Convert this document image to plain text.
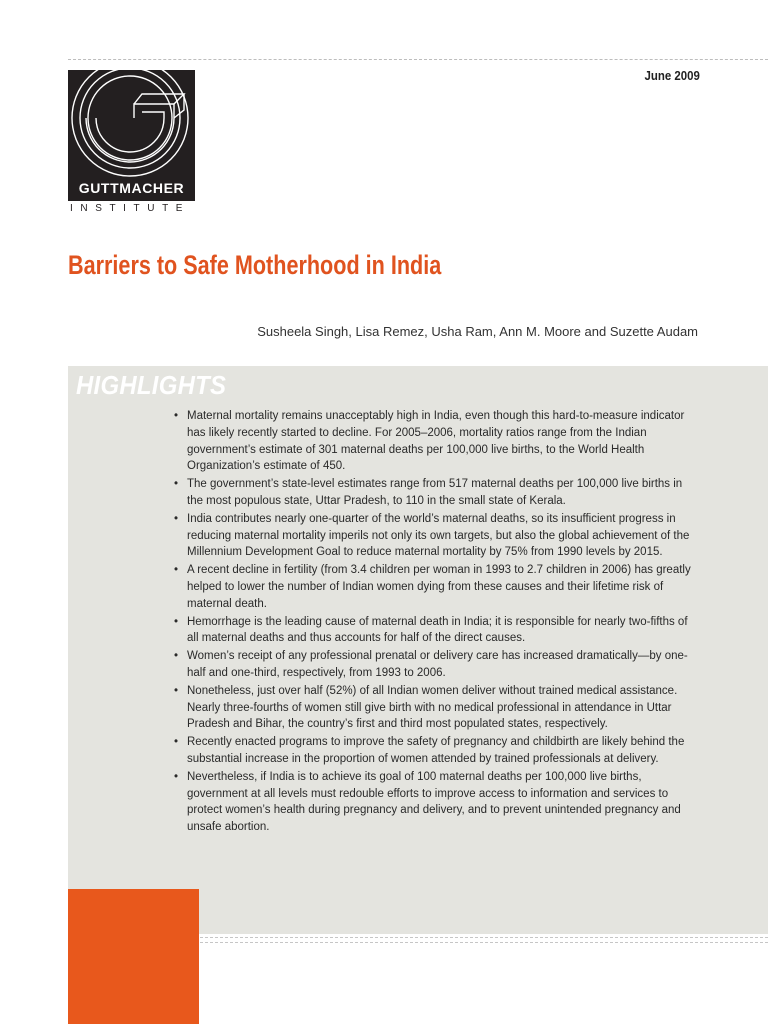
June 2009
GUTTMACHER
INSTITUTE
Barriers to Safe Motherhood in India
Susheela Singh, Lisa Remez, Usha Ram, Ann M. Moore and Suzette Audam
HIGHLIGHTS
• Maternal mortality remains unacceptably high in India, even though this hard-to-measure indicator has likely recently started to decline. For 2005–2006, mortality ratios range from the Indian government’s estimate of 301 maternal deaths per 100,000 live births, to the World Health Organization’s estimate of 450.
• The government’s state-level estimates range from 517 maternal deaths per 100,000 live births in the most populous state, Uttar Pradesh, to 110 in the small state of Kerala.
• India contributes nearly one-quarter of the world’s maternal deaths, so its insufficient progress in reducing maternal mortality imperils not only its own targets, but also the global achievement of the Millennium Development Goal to reduce maternal mortality by 75% from 1990 levels by 2015.
• A recent decline in fertility (from 3.4 children per woman in 1993 to 2.7 children in 2006) has greatly helped to lower the number of Indian women dying from these causes and their lifetime risk of maternal death.
• Hemorrhage is the leading cause of maternal death in India; it is responsible for nearly two-fifths of all maternal deaths and thus accounts for half of the direct causes.
• Women’s receipt of any professional prenatal or delivery care has increased dramatically—by one-half and one-third, respectively, from 1993 to 2006.
• Nonetheless, just over half (52%) of all Indian women deliver without trained medical assistance. Nearly three-fourths of women still give birth with no medical professional in attendance in Uttar Pradesh and Bihar, the country’s first and third most populated states, respectively.
• Recently enacted programs to improve the safety of pregnancy and childbirth are likely behind the substantial increase in the proportion of women attended by trained professionals at delivery.
• Nevertheless, if India is to achieve its goal of 100 maternal deaths per 100,000 live births, government at all levels must redouble efforts to improve access to information and services to protect women’s health during pregnancy and delivery, and to prevent unintended pregnancy and unsafe abortion.
